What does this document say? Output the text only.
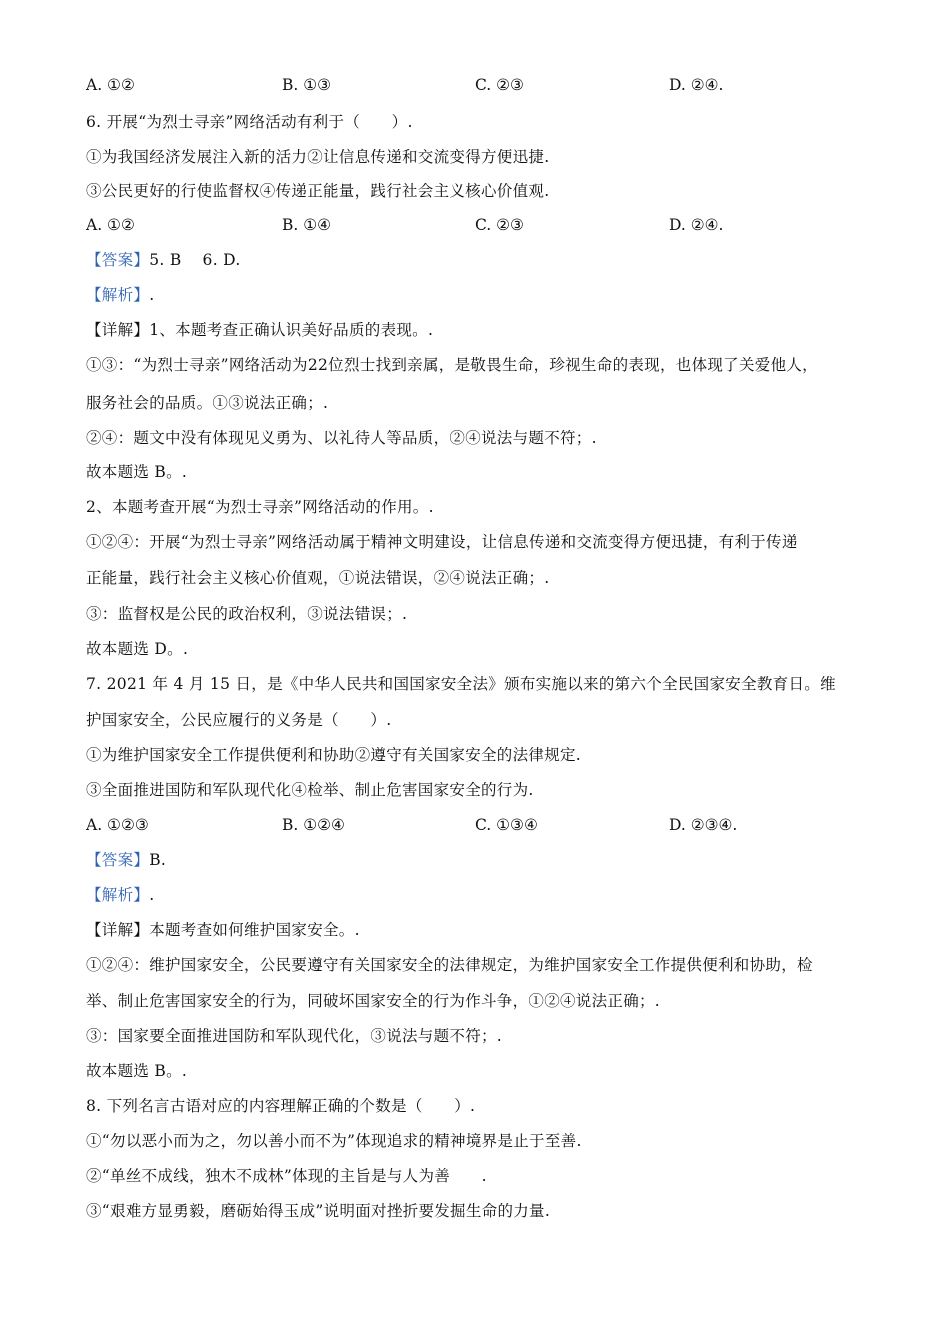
A. ①②	B. ①③	C. ②③	D. ②④.
6. 开展“为烈士寻亲”网络活动有利于（　　）.
①为我国经济发展注入新的活力②让信息传递和交流变得方便迅捷.
③公民更好的行使监督权④传递正能量，践行社会主义核心价值观.
A. ①②	B. ①④	C. ②③	D. ②④.
【答案】5. B　 6. D.
【解析】.
【详解】1、本题考查正确认识美好品质的表现。.
①③：“为烈士寻亲”网络活动为22位烈士找到亲属，是敬畏生命，珍视生命的表现，也体现了关爱他人，
服务社会的品质。①③说法正确；.
②④：题文中没有体现见义勇为、以礼待人等品质，②④说法与题不符；.
故本题选 B。.
2、本题考查开展“为烈士寻亲”网络活动的作用。.
①②④：开展“为烈士寻亲”网络活动属于精神文明建设，让信息传递和交流变得方便迅捷，有利于传递
正能量，践行社会主义核心价值观，①说法错误，②④说法正确；.
③：监督权是公民的政治权利，③说法错误；.
故本题选 D。.
7. 2021 年 4 月 15 日，是《中华人民共和国国家安全法》颁布实施以来的第六个全民国家安全教育日。维
护国家安全，公民应履行的义务是（　　）.
①为维护国家安全工作提供便利和协助②遵守有关国家安全的法律规定.
③全面推进国防和军队现代化④检举、制止危害国家安全的行为.
A. ①②③	B. ①②④	C. ①③④	D. ②③④.
【答案】B.
【解析】.
【详解】本题考查如何维护国家安全。.
①②④：维护国家安全，公民要遵守有关国家安全的法律规定，为维护国家安全工作提供便利和协助，检
举、制止危害国家安全的行为，同破坏国家安全的行为作斗争，①②④说法正确；.
③：国家要全面推进国防和军队现代化，③说法与题不符；.
故本题选 B。.
8. 下列名言古语对应的内容理解正确的个数是（　　）.
①“勿以恶小而为之，勿以善小而不为”体现追求的精神境界是止于至善.
②“单丝不成线，独木不成林”体现的主旨是与人为善　　.
③“艰难方显勇毅，磨砺始得玉成”说明面对挫折要发掘生命的力量.
